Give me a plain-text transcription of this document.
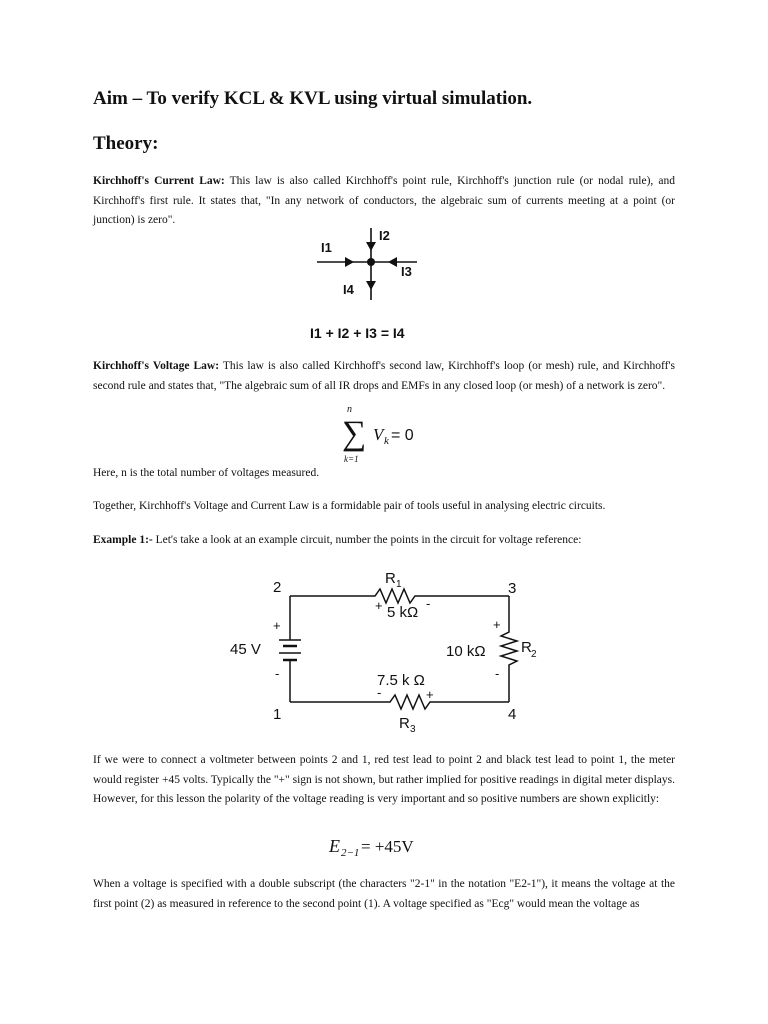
Aim – To verify KCL & KVL using virtual simulation.
Theory:

Kirchhoff's Current Law: This law is also called Kirchhoff's point rule, Kirchhoff's junction rule (or nodal rule), and Kirchhoff's first rule. It states that, "In any network of conductors, the algebraic sum of currents meeting at a point (or junction) is zero".

I1
I2
I3
I4
I1 + I2 + I3 = I4

Kirchhoff's Voltage Law: This law is also called Kirchhoff's second law, Kirchhoff's loop (or mesh) rule, and Kirchhoff's second rule and states that, "The algebraic sum of all IR drops and EMFs in any closed loop (or mesh) of a network is zero".

n
∑
k=1
V k = 0

Here, n is the total number of voltages measured.

Together, Kirchhoff's Voltage and Current Law is a formidable pair of tools useful in analysing electric circuits.

Example 1:- Let's take a look at an example circuit, number the points in the circuit for voltage reference:

2	3
1	4
45 V
+
-
R 1
5 kΩ
+	-
10 kΩ R 2
+
-
7.5 k Ω
-	+
R 3

If we were to connect a voltmeter between points 2 and 1, red test lead to point 2 and black test lead to point 1, the meter would register +45 volts. Typically the "+" sign is not shown, but rather implied for positive readings in digital meter displays. However, for this lesson the polarity of the voltage reading is very important and so positive numbers are shown explicitly:

E 2−1 = +45V

When a voltage is specified with a double subscript (the characters "2-1" in the notation "E2-1"), it means the voltage at the first point (2) as measured in reference to the second point (1). A voltage specified as "Ecg" would mean the voltage as
